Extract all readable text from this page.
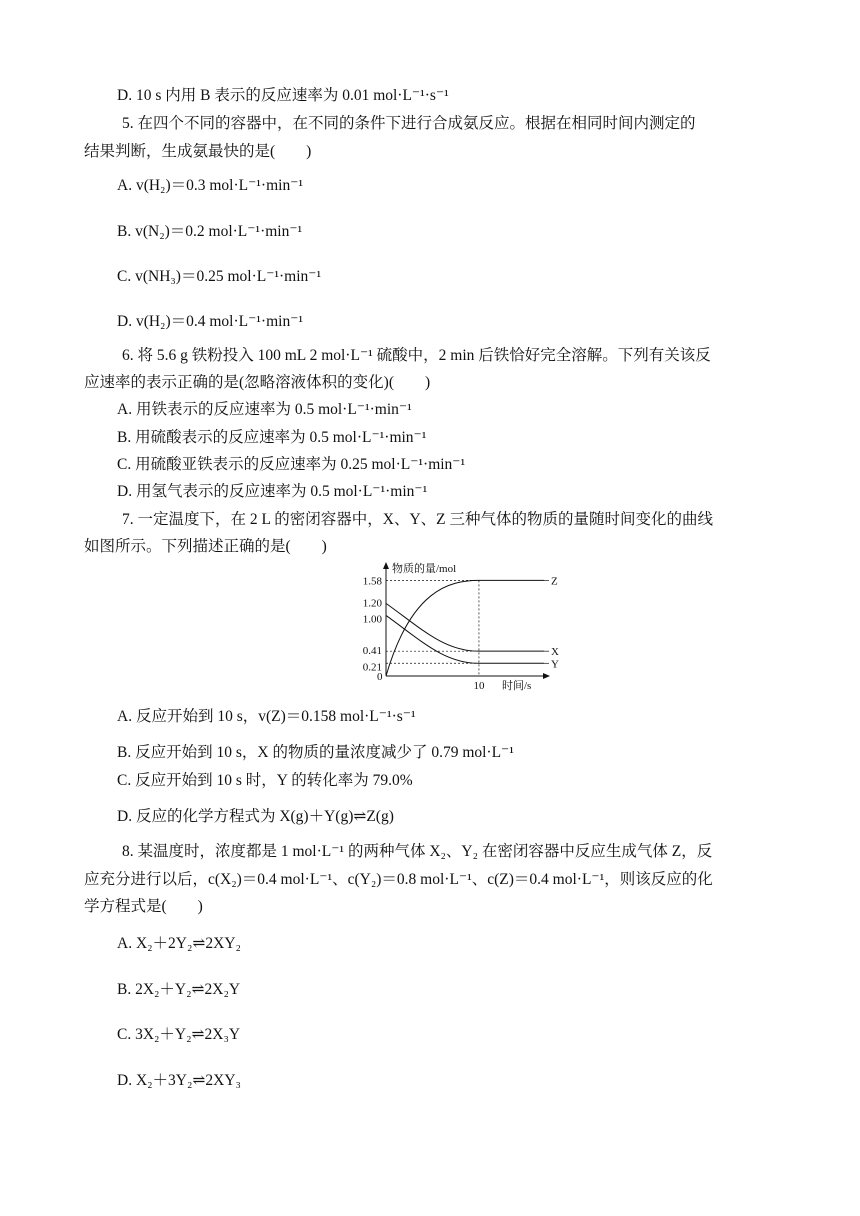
D. 10 s 内用 B 表示的反应速率为 0.01 mol·L⁻¹·s⁻¹
5. 在四个不同的容器中，在不同的条件下进行合成氨反应。根据在相同时间内测定的
结果判断，生成氨最快的是(　　)
A. v(H₂)＝0.3 mol·L⁻¹·min⁻¹
B. v(N₂)＝0.2 mol·L⁻¹·min⁻¹
C. v(NH₃)＝0.25 mol·L⁻¹·min⁻¹
D. v(H₂)＝0.4 mol·L⁻¹·min⁻¹
6. 将 5.6 g 铁粉投入 100 mL 2 mol·L⁻¹ 硫酸中，2 min 后铁恰好完全溶解。下列有关该反
应速率的表示正确的是(忽略溶液体积的变化)(　　)
A. 用铁表示的反应速率为 0.5 mol·L⁻¹·min⁻¹
B. 用硫酸表示的反应速率为 0.5 mol·L⁻¹·min⁻¹
C. 用硫酸亚铁表示的反应速率为 0.25 mol·L⁻¹·min⁻¹
D. 用氢气表示的反应速率为 0.5 mol·L⁻¹·min⁻¹
7. 一定温度下，在 2 L 的密闭容器中，X、Y、Z 三种气体的物质的量随时间变化的曲线
如图所示。下列描述正确的是(　　)
物质的量/mol
时间/s
0
10
1.58
1.20
1.00
0.41
0.21
Z
X
Y
A. 反应开始到 10 s，v(Z)＝0.158 mol·L⁻¹·s⁻¹
B. 反应开始到 10 s，X 的物质的量浓度减少了 0.79 mol·L⁻¹
C. 反应开始到 10 s 时，Y 的转化率为 79.0%
D. 反应的化学方程式为 X(g)＋Y(g)⇌Z(g)
8. 某温度时，浓度都是 1 mol·L⁻¹ 的两种气体 X₂、Y₂ 在密闭容器中反应生成气体 Z，反
应充分进行以后，c(X₂)＝0.4 mol·L⁻¹、c(Y₂)＝0.8 mol·L⁻¹、c(Z)＝0.4 mol·L⁻¹，则该反应的化
学方程式是(　　)
A. X₂＋2Y₂⇌2XY₂
B. 2X₂＋Y₂⇌2X₂Y
C. 3X₂＋Y₂⇌2X₃Y
D. X₂＋3Y₂⇌2XY₃
